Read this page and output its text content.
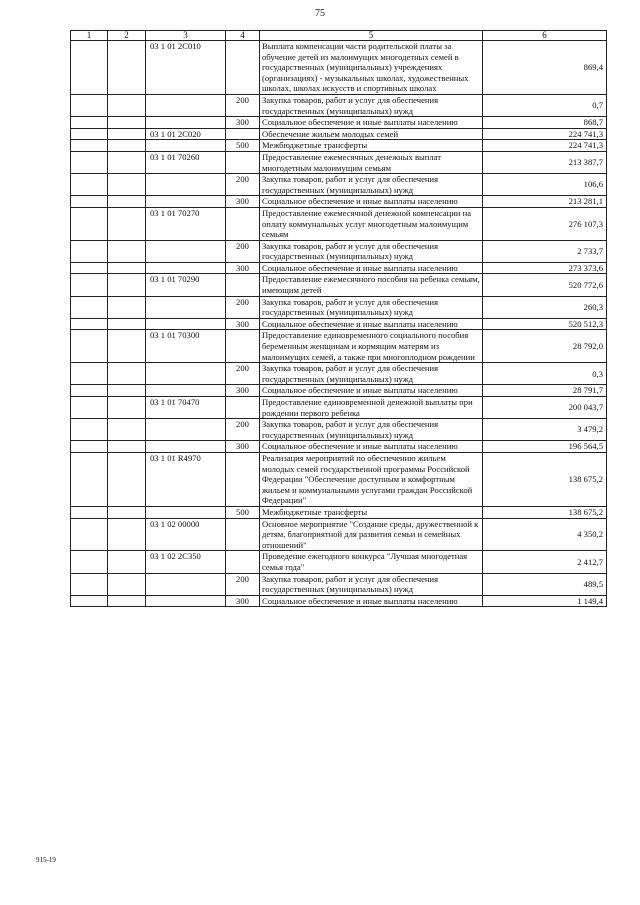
75
1	2	3	4	5	6
		03 1 01 2С010		Выплата компенсации части родительской платы за обучение детей из малоимущих многодетных семей в государственных (муниципальных) учреждениях (организациях) - музыкальных школах, художественных школах, школах искусств и спортивных школах	869,4
			200	Закупка товаров, работ и услуг для обеспечения государственных (муниципальных) нужд	0,7
			300	Социальное обеспечение и иные выплаты населению	868,7
		03 1 01 2С020		Обеспечение жильем молодых семей	224 741,3
			500	Межбюджетные трансферты	224 741,3
		03 1 01 70260		Предоставление ежемесячных денежных выплат многодетным малоимущим семьям	213 387,7
			200	Закупка товаров, работ и услуг для обеспечения государственных (муниципальных) нужд	106,6
			300	Социальное обеспечение и иные выплаты населению	213 281,1
		03 1 01 70270		Предоставление ежемесячной денежной компенсации на оплату коммунальных услуг многодетным малоимущим семьям	276 107,3
			200	Закупка товаров, работ и услуг для обеспечения государственных (муниципальных) нужд	2 733,7
			300	Социальное обеспечение и иные выплаты населению	273 373,6
		03 1 01 70290		Предоставление ежемесячного пособия на ребенка семьям, имеющим детей	520 772,6
			200	Закупка товаров, работ и услуг для обеспечения государственных (муниципальных) нужд	260,3
			300	Социальное обеспечение и иные выплаты населению	520 512,3
		03 1 01 70300		Предоставление единовременного социального пособия беременным женщинам и кормящим матерям из малоимущих семей, а также при многоплодном рождении	28 792,0
			200	Закупка товаров, работ и услуг для обеспечения государственных (муниципальных) нужд	0,3
			300	Социальное обеспечение и иные выплаты населению	28 791,7
		03 1 01 70470		Предоставление единовременной денежной выплаты при рождении первого ребенка	200 043,7
			200	Закупка товаров, работ и услуг для обеспечения государственных (муниципальных) нужд	3 479,2
			300	Социальное обеспечение и иные выплаты населению	196 564,5
		03 1 01 R4970		Реализация мероприятий по обеспечению жильем молодых семей государственной программы Российской Федерации "Обеспечение доступным и комфортным жильем и коммунальными услугами граждан Российской Федерации"	138 675,2
			500	Межбюджетные трансферты	138 675,2
		03 1 02 00000		Основное мероприятие "Создание среды, дружественной к детям, благоприятной для развития семьи и семейных отношений"	4 350,2
		03 1 02 2С350		Проведение ежегодного конкурса "Лучшая многодетная семья года"	2 412,7
			200	Закупка товаров, работ и услуг для обеспечения государственных (муниципальных) нужд	489,5
			300	Социальное обеспечение и иные выплаты населению	1 149,4
915-19
